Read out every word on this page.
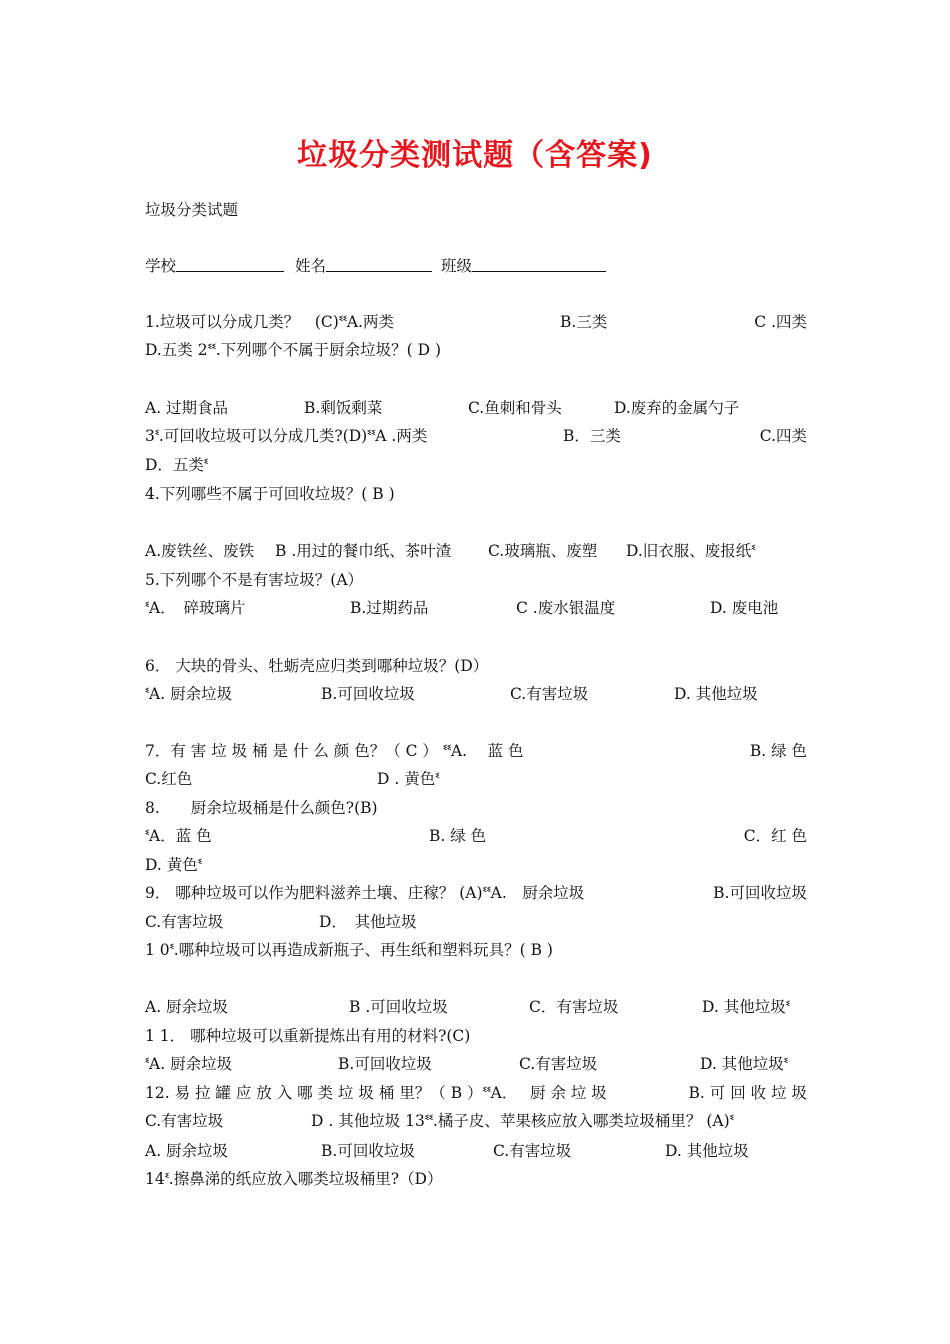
垃圾分类测试题（含答案)
垃圾分类试题
学校	姓名	班级
1.垃圾可以分成几类？　(C)ᓫᓫA.两类	B.三类	C .四类
D.五类 2ᓫᓫ.下列哪个不属于厨余垃圾？( D )
A. 过期食品	B.剩饭剩菜	C.鱼刺和骨头	D.废弃的金属勺子
3ᓫ.可回收垃圾可以分成几类?(D)ᓫᓫA .两类	B．三类	C.四类
D．五类ᓫ
4.下列哪些不属于可回收垃圾？( B )
A.废铁丝、废铁 B .用过的餐巾纸、茶叶渣 C.玻璃瓶、废塑 D.旧衣服、废报纸ᓫ
5.下列哪个不是有害垃圾？(A）
ᓫA．　碎玻璃片	B.过期药品	C .废水银温度	D. 废电池
6． 大块的骨头、牡蛎壳应归类到哪种垃圾？(D）
ᓫA. 厨余垃圾	B.可回收垃圾	C.有害垃圾	D. 其他垃圾
7．有 害 垃 圾 桶 是 什 么 颜 色？（ C ） ᓫᓫA.　 蓝 色	B. 绿 色
C.红色	D . 黄色ᓫ
8.　　厨余垃圾桶是什么颜色?(B)
ᓫA．蓝 色	B. 绿 色	C．红 色
D. 黄色ᓫ
9． 哪种垃圾可以作为肥料滋养土壤、庄稼？ (A)ᓫᓫA.　厨余垃圾	B.可回收垃圾
C.有害垃圾	D．　其他垃圾
1 0ᓫ.哪种垃圾可以再造成新瓶子、再生纸和塑料玩具？( B )
A. 厨余垃圾	B .可回收垃圾	C．有害垃圾	D. 其他垃圾ᓫ
1 1． 哪种垃圾可以重新提炼出有用的材料?(C)
ᓫA. 厨余垃圾	B.可回收垃圾	C.有害垃圾	D. 其他垃圾ᓫ
12. 易 拉 罐 应 放 入 哪 类 垃 圾 桶 里？（ B ）ᓫᓫA．　 厨 余 垃 圾	B. 可 回 收 垃 圾
C.有害垃圾	D . 其他垃圾 13ᓫᓫ.橘子皮、苹果核应放入哪类垃圾桶里？ (A)ᓫ
A. 厨余垃圾	B.可回收垃圾	C.有害垃圾	D. 其他垃圾
14ᓫ.擦鼻涕的纸应放入哪类垃圾桶里?（D）
